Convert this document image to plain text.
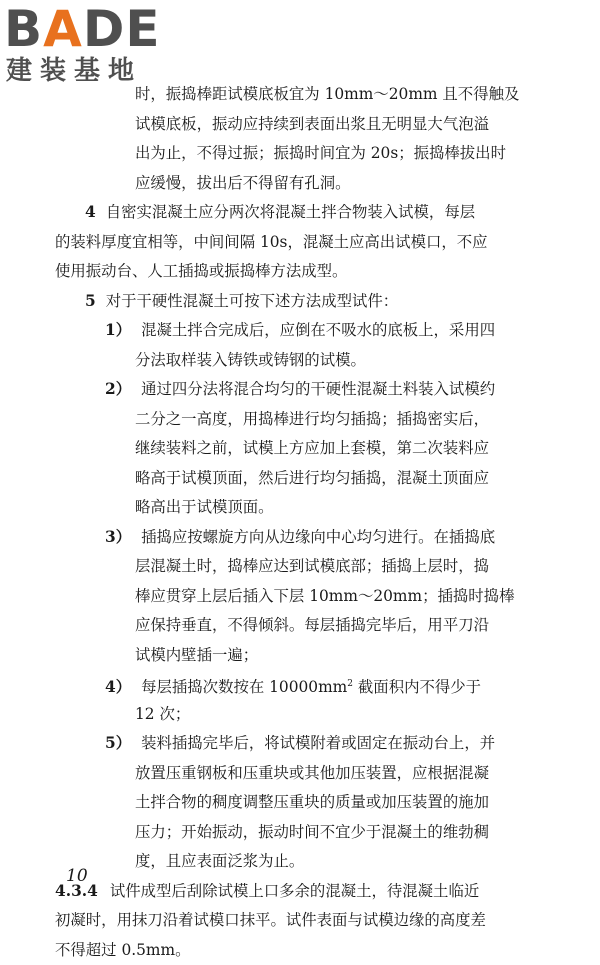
BADE
建装基地
时，振捣棒距试模底板宜为 10mm～20mm 且不得触及
试模底板，振动应持续到表面出浆且无明显大气泡溢
出为止，不得过振；振捣时间宜为 20s；振捣棒拔出时
应缓慢，拔出后不得留有孔洞。
4 自密实混凝土应分两次将混凝土拌合物装入试模，每层
的装料厚度宜相等，中间间隔 10s，混凝土应高出试模口，不应
使用振动台、人工插捣或振捣棒方法成型。
5 对于干硬性混凝土可按下述方法成型试件：
1） 混凝土拌合完成后，应倒在不吸水的底板上，采用四
分法取样装入铸铁或铸钢的试模。
2） 通过四分法将混合均匀的干硬性混凝土料装入试模约
二分之一高度，用捣棒进行均匀插捣；插捣密实后，
继续装料之前，试模上方应加上套模，第二次装料应
略高于试模顶面，然后进行均匀插捣，混凝土顶面应
略高出于试模顶面。
3） 插捣应按螺旋方向从边缘向中心均匀进行。在插捣底
层混凝土时，捣棒应达到试模底部；插捣上层时，捣
棒应贯穿上层后插入下层 10mm～20mm；插捣时捣棒
应保持垂直，不得倾斜。每层插捣完毕后，用平刀沿
试模内壁插一遍；
4） 每层插捣次数按在 $10000mm^2$ 截面积内不得少于
12 次；
5） 装料插捣完毕后，将试模附着或固定在振动台上，并
放置压重钢板和压重块或其他加压装置，应根据混凝
土拌合物的稠度调整压重块的质量或加压装置的施加
压力；开始振动，振动时间不宜少于混凝土的维勃稠
度，且应表面泛浆为止。
4.3.4 试件成型后刮除试模上口多余的混凝土，待混凝土临近
初凝时，用抹刀沿着试模口抹平。试件表面与试模边缘的高度差
不得超过 0.5mm。
10
